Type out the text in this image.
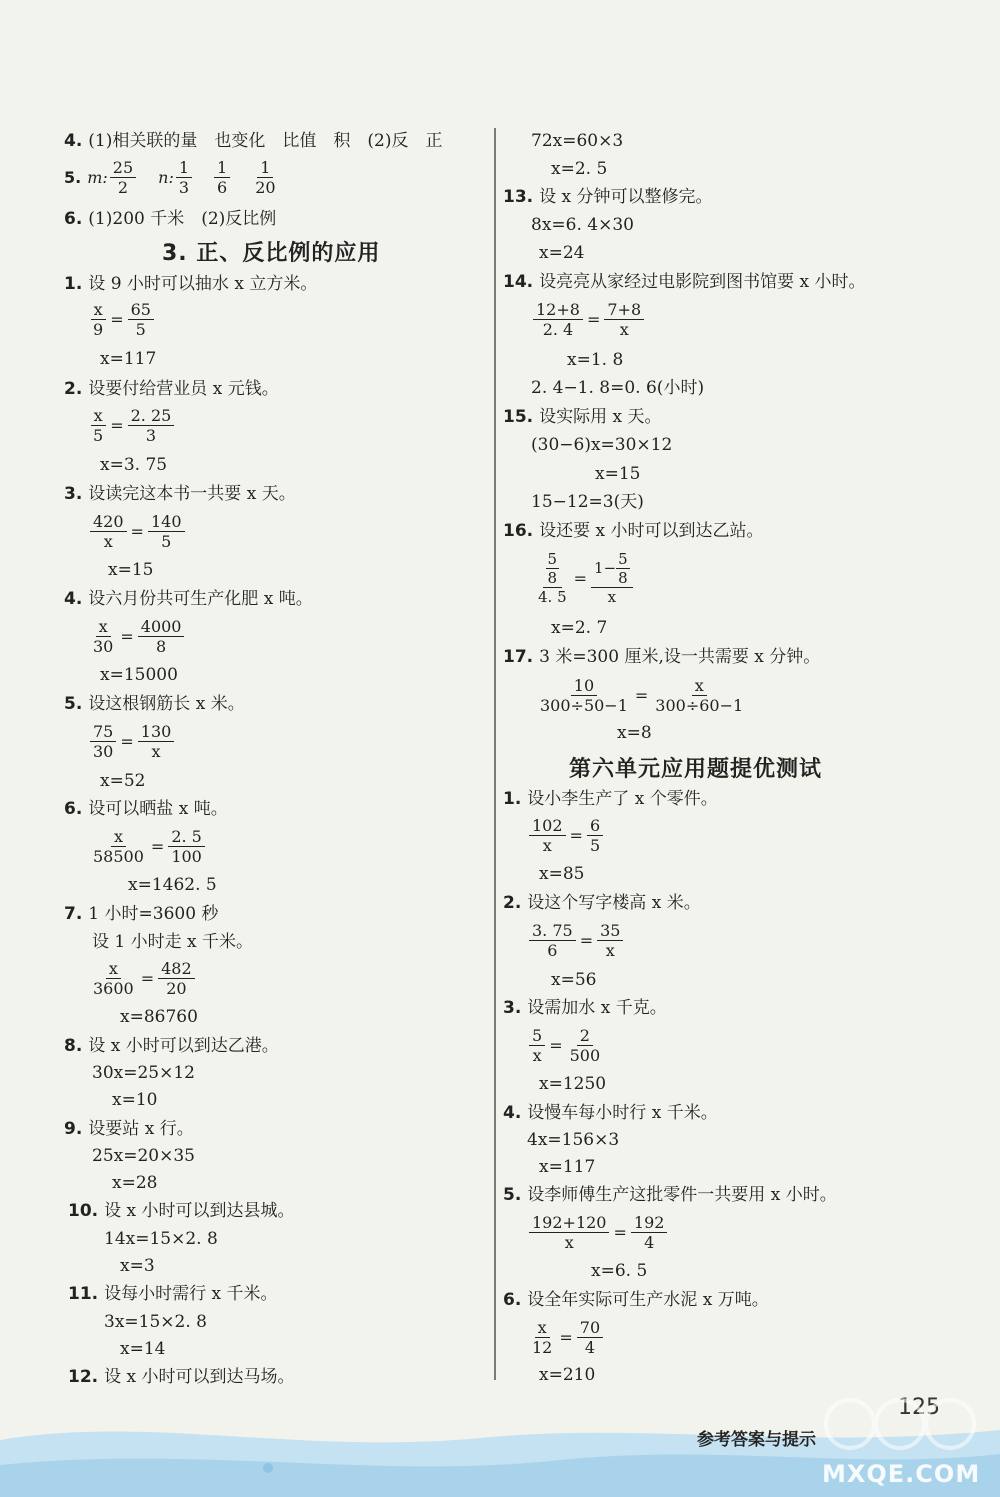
4. (1)相关联的量　也变化　比值　积　(2)反　正
5. m: $\frac{25}{2} n$: $\frac{1}{3} \frac{1}{6} \frac{1}{20}$
6. (1)200 千米　(2)反比例
3. 正、反比例的应用
1. 设 9 小时可以抽水 x 立方米。
$\frac{x}{9} = \frac{65}{5}$
x=117
2. 设要付给营业员 x 元钱。
$\frac{x}{5} = \frac{2. 25}{3}$
x=3. 75
3. 设读完这本书一共要 x 天。
$\frac{420}{x} = \frac{140}{5}$
x=15
4. 设六月份共可生产化肥 x 吨。
$\frac{x}{30} = \frac{4000}{8}$
x=15000
5. 设这根钢筋长 x 米。
$\frac{75}{30} = \frac{130}{x}$
x=52
6. 设可以晒盐 x 吨。
$\frac{x}{58500} = \frac{2. 5}{100}$
x=1462. 5
7. 1 小时=3600 秒
设 1 小时走 x 千米。
$\frac{x}{3600} = \frac{482}{20}$
x=86760
8. 设 x 小时可以到达乙港。
30x=25×12
x=10
9. 设要站 x 行。
25x=20×35
x=28
10. 设 x 小时可以到达县城。
14x=15×2. 8
x=3
11. 设每小时需行 x 千米。
3x=15×2. 8
x=14
12. 设 x 小时可以到达马场。
72x=60×3
x=2. 5
13. 设 x 分钟可以整修完。
8x=6. 4×30
x=24
14. 设亮亮从家经过电影院到图书馆要 x 小时。
$\frac{12+8}{2. 4} = \frac{7+8}{x}$
x=1. 8
2. 4−1. 8=0. 6(小时)
15. 设实际用 x 天。
(30−6)x=30×12
x=15
15−12=3(天)
16. 设还要 x 小时可以到达乙站。
$\frac{\frac{5}{8}}{4. 5} = \frac{1- \frac{5}{8}}{x}$
x=2. 7
17. 3 米=300 厘米,设一共需要 x 分钟。
$\frac{10}{300\div 50-1} = \frac{x}{300\div 60-1}$
x=8
第六单元应用题提优测试
1. 设小李生产了 x 个零件。
$\frac{102}{x} = \frac{6}{5}$
x=85
2. 设这个写字楼高 x 米。
$\frac{3. 75}{6} = \frac{35}{x}$
x=56
3. 设需加水 x 千克。
$\frac{5}{x} = \frac{2}{500}$
x=1250
4. 设慢车每小时行 x 千米。
4x=156×3
x=117
5. 设李师傅生产这批零件一共要用 x 小时。
$\frac{192+120}{x} = \frac{192}{4}$
x=6. 5
6. 设全年实际可生产水泥 x 万吨。
$\frac{x}{12} = \frac{70}{4}$
x=210
125
参考答案与提示
MXQE.COM
